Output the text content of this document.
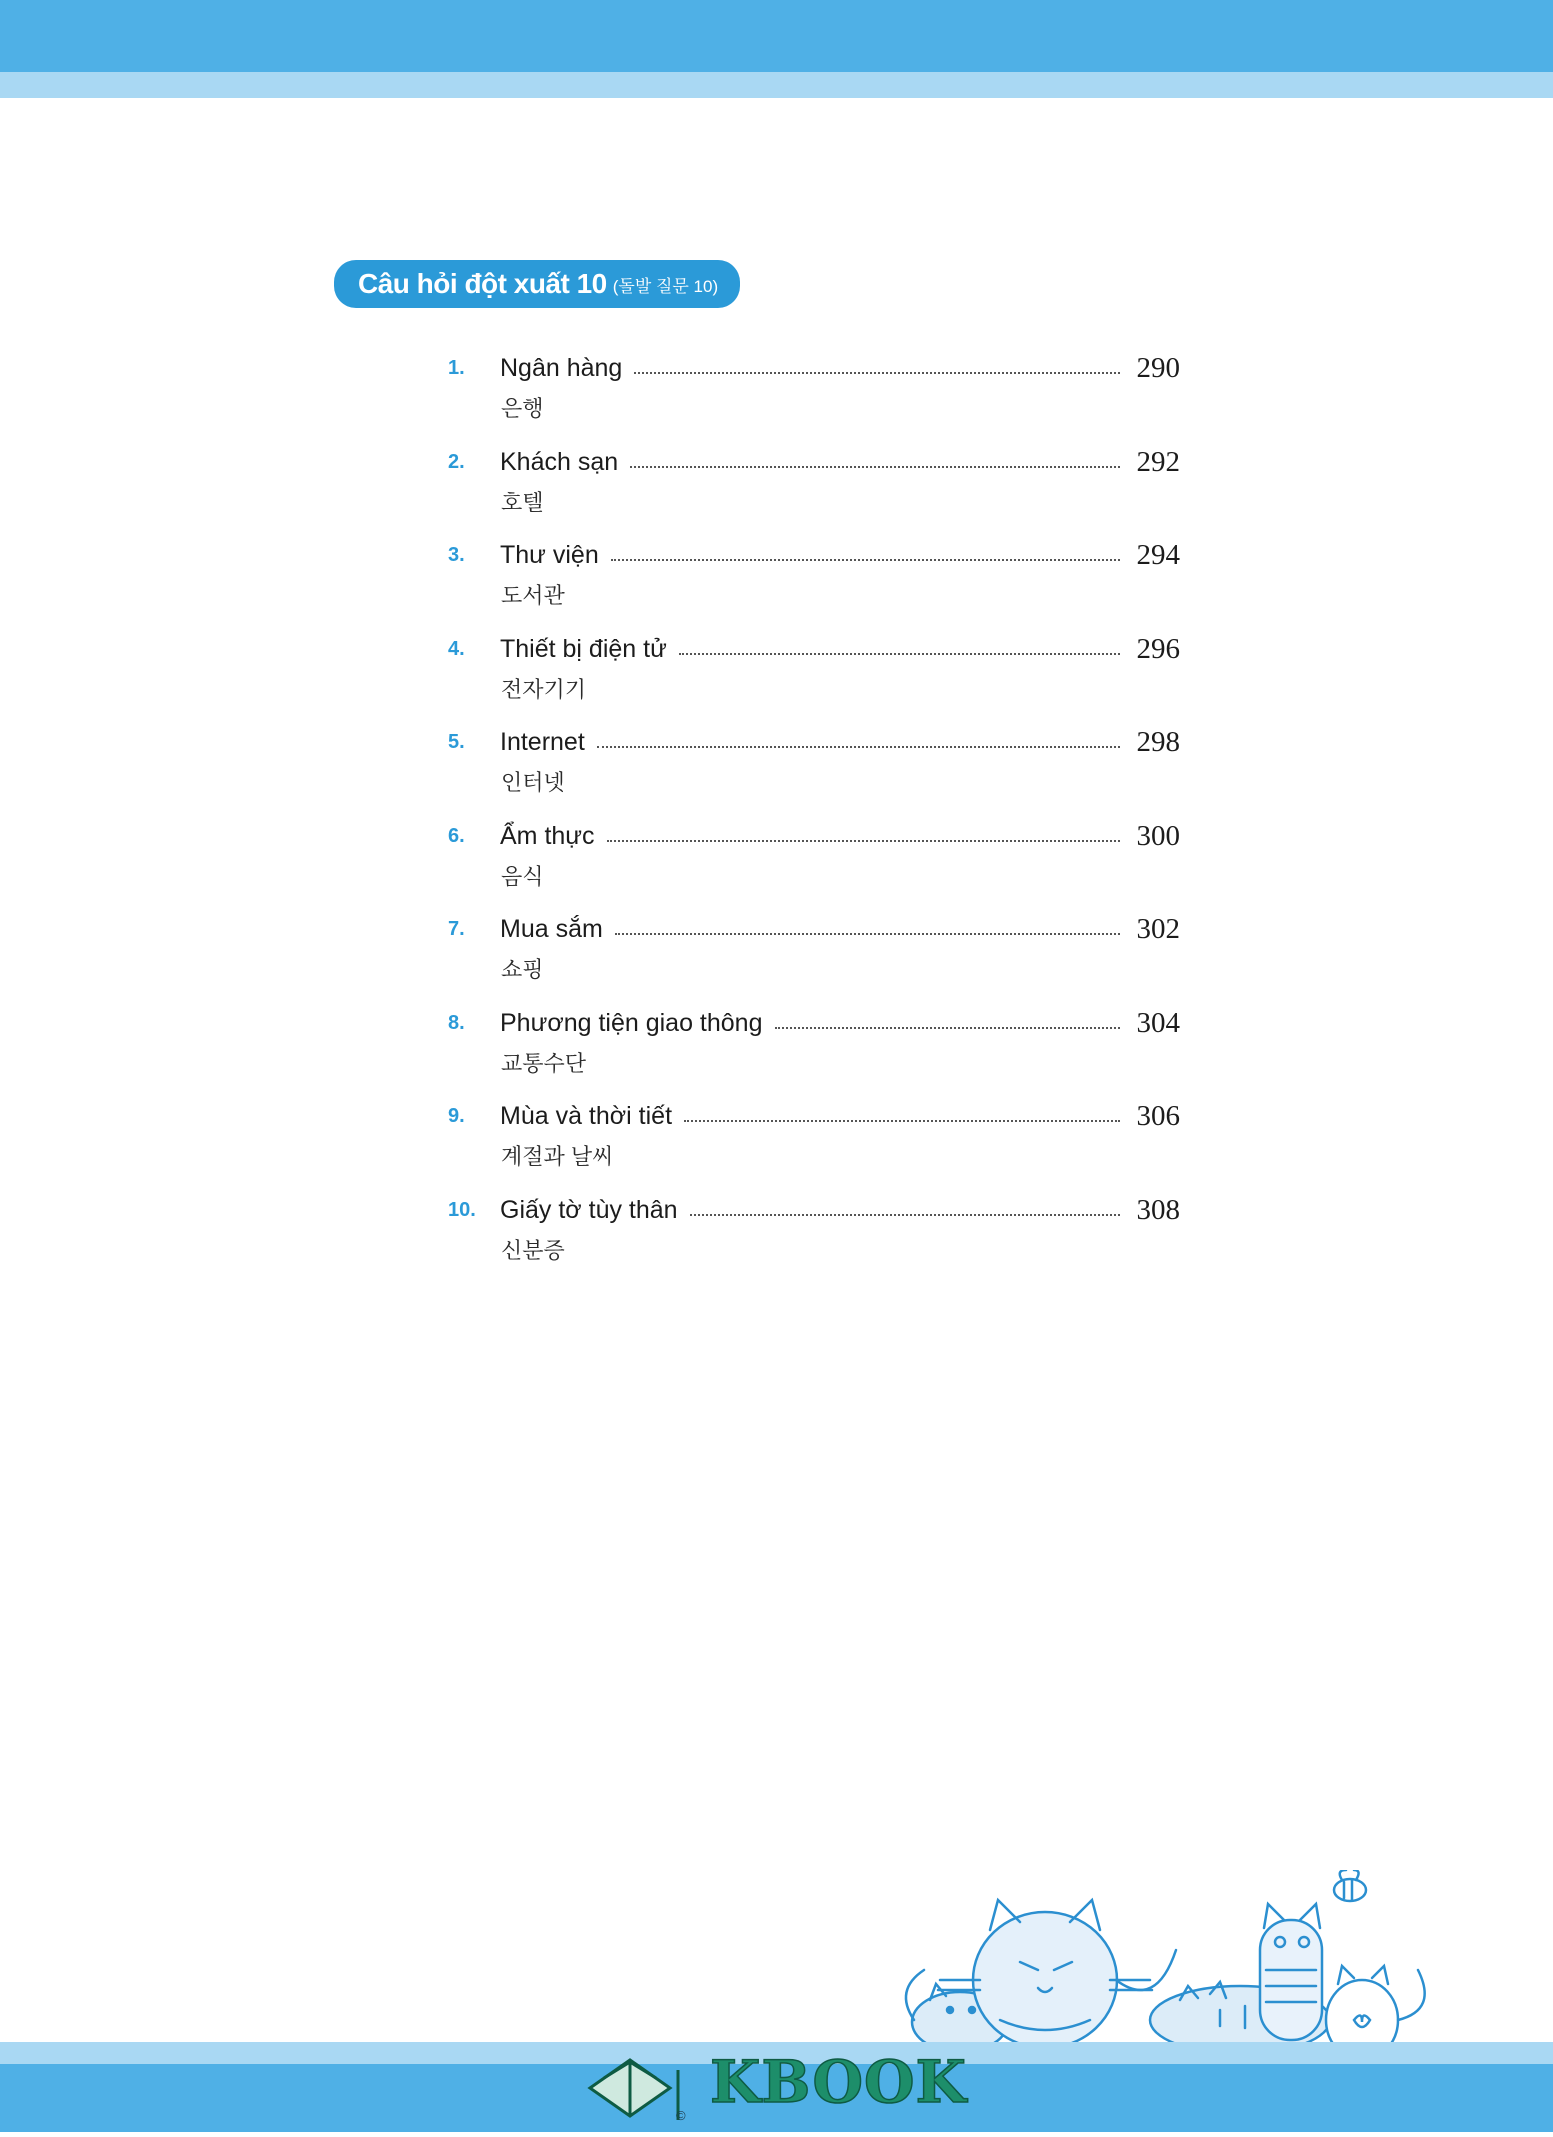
Câu hỏi đột xuất 10 (돌발 질문 10)
1. Ngân hàng	290
은행
2. Khách sạn	292
호텔
3. Thư viện	294
도서관
4. Thiết bị điện tử	296
전자기기
5. Internet	298
인터넷
6. Ẩm thực	300
음식
7. Mua sắm	302
쇼핑
8. Phương tiện giao thông	304
교통수단
9. Mùa và thời tiết	306
계절과 날씨
10. Giấy tờ tùy thân	308
신분증
KBOOK
©
